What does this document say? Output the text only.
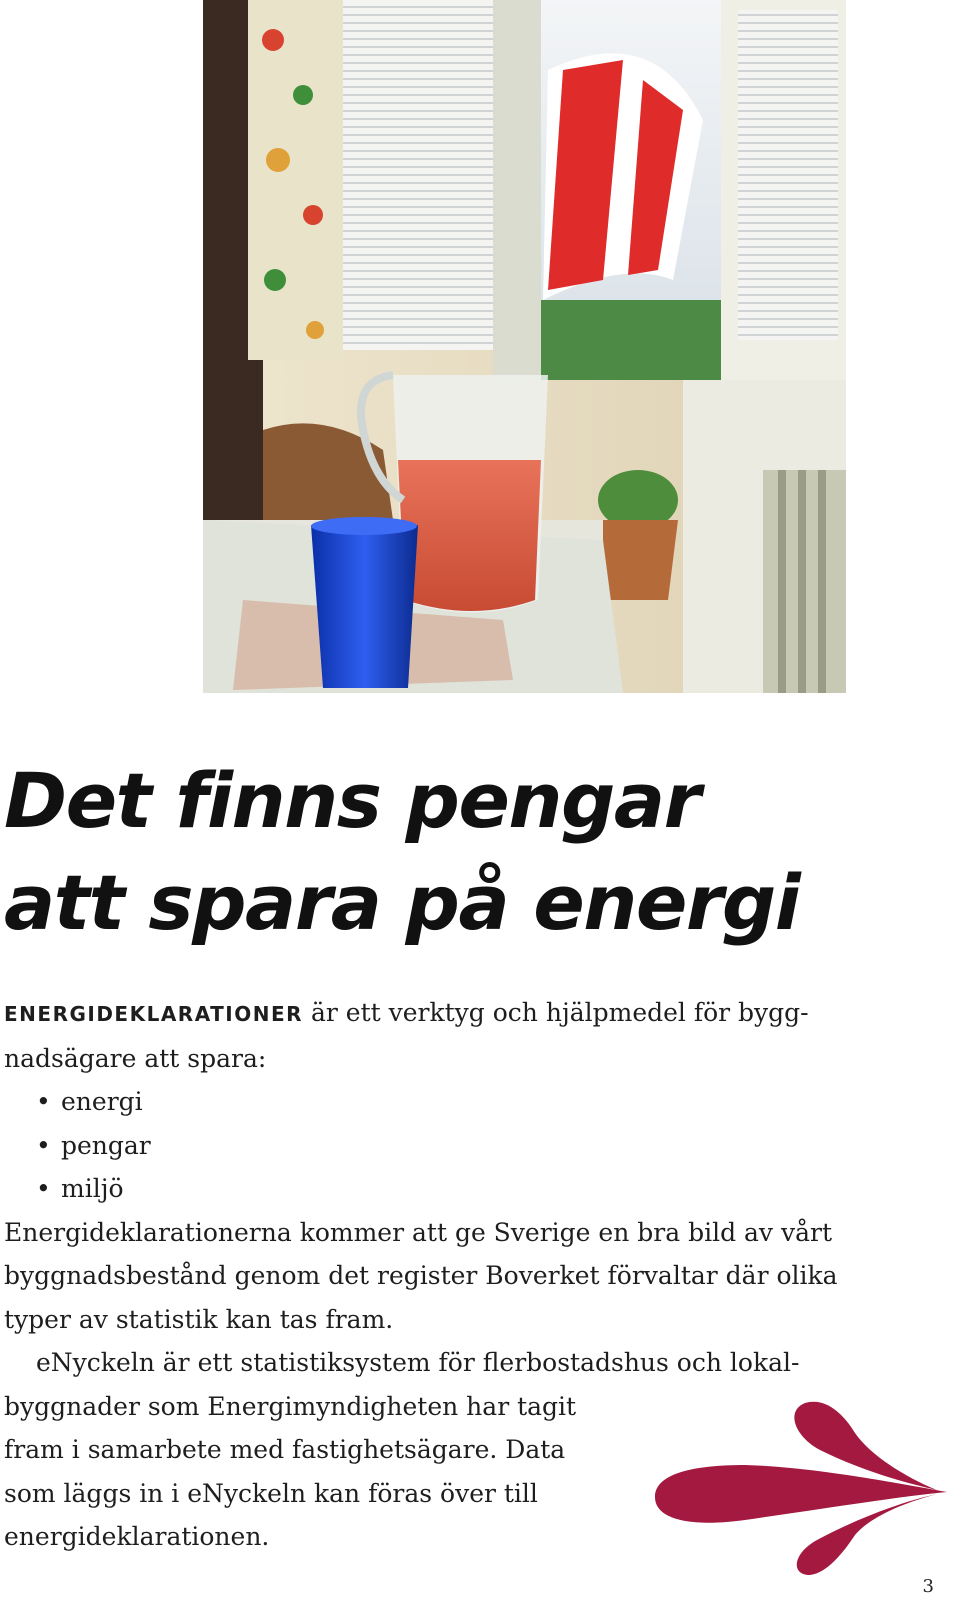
Det finns pengar
att spara på energi

ENERGIDEKLARATIONER är ett verktyg och hjälpmedel för bygg-
nadsägare att spara:

• energi
• pengar
• miljö

Energideklarationerna kommer att ge Sverige en bra bild av vårt
byggnadsbestånd genom det register Boverket förvaltar där olika
typer av statistik kan tas fram.

eNyckeln är ett statistiksystem för flerbostadshus och lokal-
byggnader som Energimyndigheten har tagit
fram i samarbete med fastighetsägare. Data
som läggs in i eNyckeln kan föras över till
energideklarationen.

3
